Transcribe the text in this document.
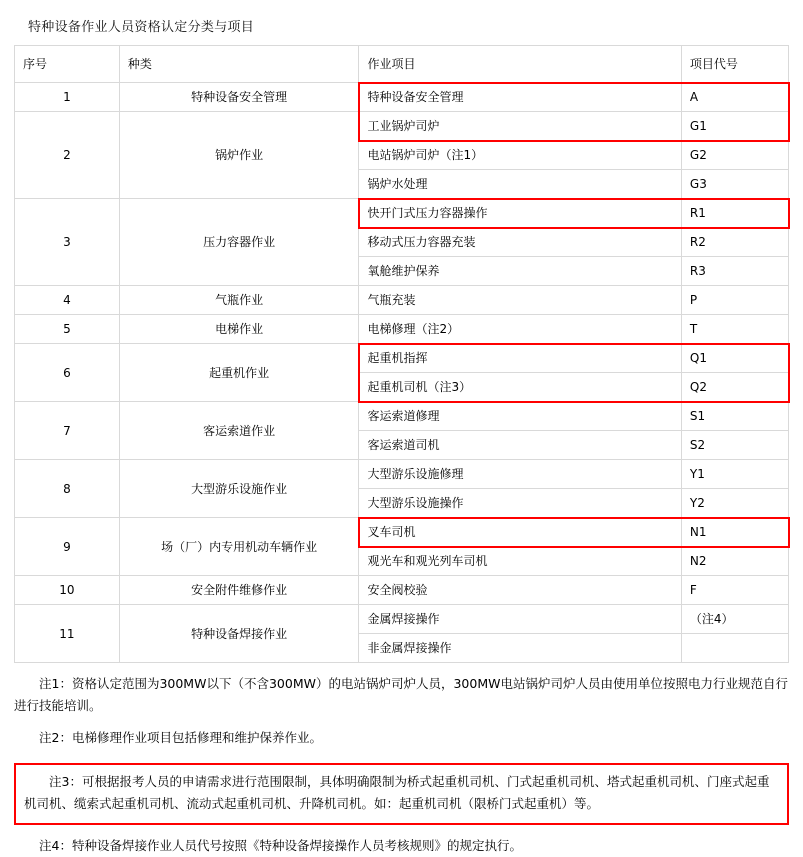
特种设备作业人员资格认定分类与项目
序号	种类	作业项目	项目代号
1	特种设备安全管理	特种设备安全管理	A
2	锅炉作业	工业锅炉司炉	G1
		电站锅炉司炉（注1）	G2
		锅炉水处理	G3
3	压力容器作业	快开门式压力容器操作	R1
		移动式压力容器充装	R2
		氧舱维护保养	R3
4	气瓶作业	气瓶充装	P
5	电梯作业	电梯修理（注2）	T
6	起重机作业	起重机指挥	Q1
		起重机司机（注3）	Q2
7	客运索道作业	客运索道修理	S1
		客运索道司机	S2
8	大型游乐设施作业	大型游乐设施修理	Y1
		大型游乐设施操作	Y2
9	场（厂）内专用机动车辆作业	叉车司机	N1
		观光车和观光列车司机	N2
10	安全附件维修作业	安全阀校验	F
11	特种设备焊接作业	金属焊接操作	（注4）
		非金属焊接操作	
注1：资格认定范围为300MW以下（不含300MW）的电站锅炉司炉人员，300MW电站锅炉司炉人员由使用单位按照电力行业规范自行进行技能培训。
注2：电梯修理作业项目包括修理和维护保养作业。

注3：可根据报考人员的申请需求进行范围限制，具体明确限制为桥式起重机司机、门式起重机司机、塔式起重机司机、门座式起重机司机、缆索式起重机司机、流动式起重机司机、升降机司机。如：起重机司机（限桥门式起重机）等。

注4：特种设备焊接作业人员代号按照《特种设备焊接操作人员考核规则》的规定执行。
